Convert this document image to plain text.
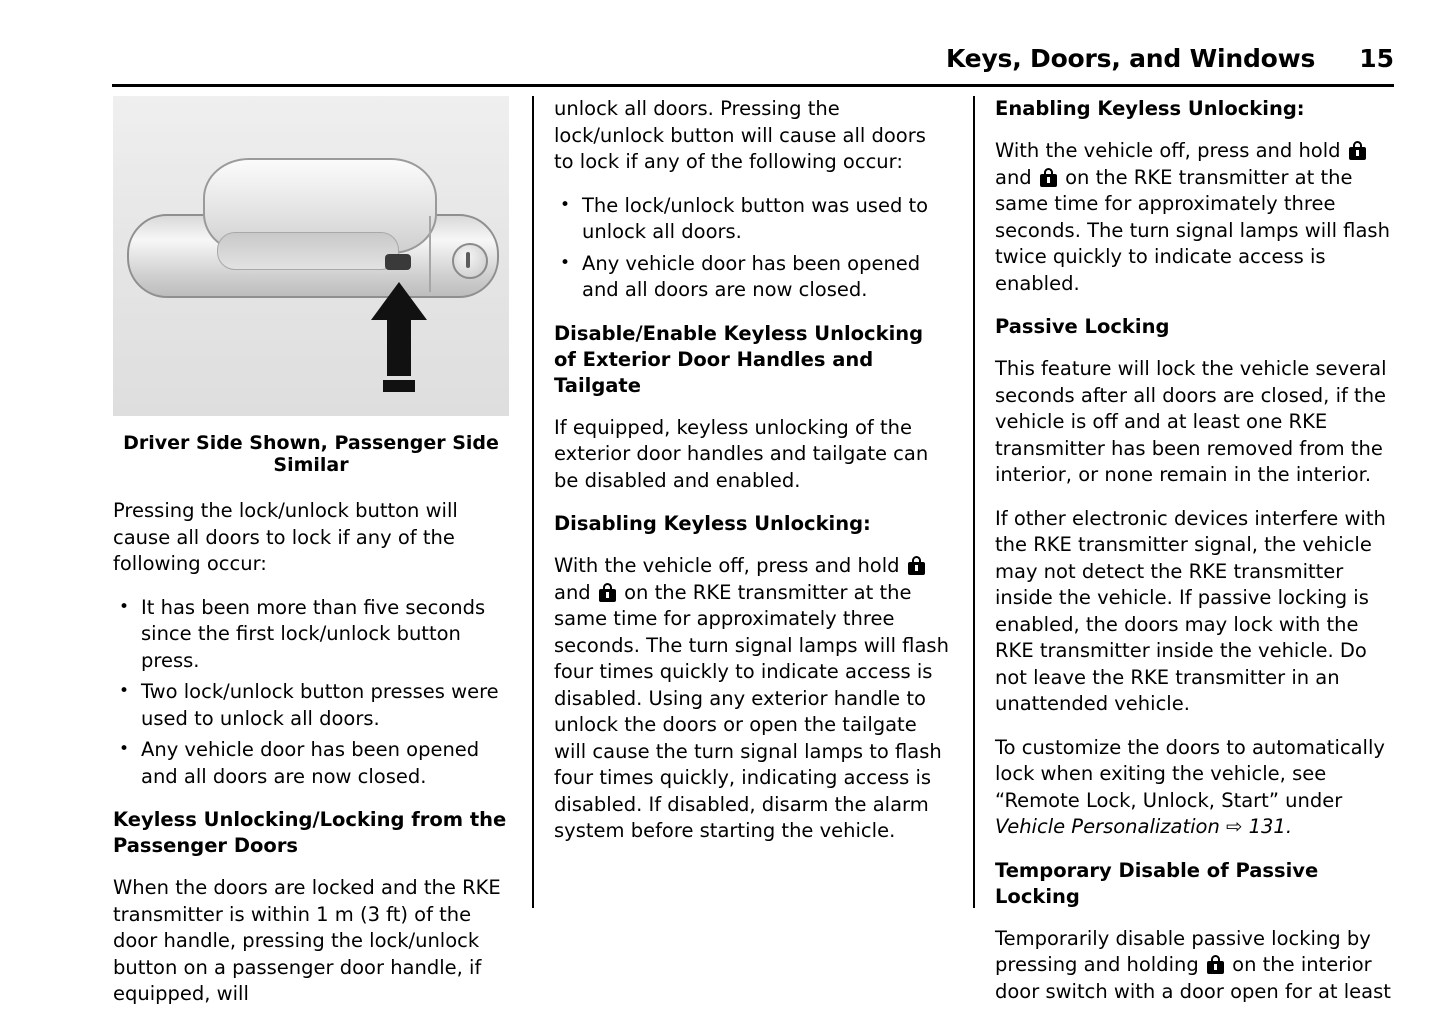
Keys, Doors, and Windows 15
Driver Side Shown, Passenger Side Similar

Pressing the lock/unlock button will cause all doors to lock if any of the following occur:

• It has been more than five seconds since the first lock/unlock button press.
• Two lock/unlock button presses were used to unlock all doors.
• Any vehicle door has been opened and all doors are now closed.
Keyless Unlocking/Locking from the Passenger Doors

When the doors are locked and the RKE transmitter is within 1 m (3 ft) of the door handle, pressing the lock/unlock button on a passenger door handle, if equipped, will

unlock all doors. Pressing the lock/unlock button will cause all doors to lock if any of the following occur:

• The lock/unlock button was used to unlock all doors.
• Any vehicle door has been opened and all doors are now closed.
Disable/Enable Keyless Unlocking of Exterior Door Handles and Tailgate

If equipped, keyless unlocking of the exterior door handles and tailgate can be disabled and enabled.

Disabling Keyless Unlocking:

With the vehicle off, press and hold
and on the RKE transmitter at the same time for approximately three seconds. The turn signal lamps will flash four times quickly to indicate access is disabled. Using any exterior handle to unlock the doors or open the tailgate will cause the turn signal lamps to flash four times quickly, indicating access is disabled. If disabled, disarm the alarm system before starting the vehicle.

Enabling Keyless Unlocking:

With the vehicle off, press and hold
and on the RKE transmitter at the same time for approximately three seconds. The turn signal lamps will flash twice quickly to indicate access is enabled.

Passive Locking

This feature will lock the vehicle several seconds after all doors are closed, if the vehicle is off and at least one RKE transmitter has been removed from the interior, or none remain in the interior.

If other electronic devices interfere with the RKE transmitter signal, the vehicle may not detect the RKE transmitter inside the vehicle. If passive locking is enabled, the doors may lock with the RKE transmitter inside the vehicle. Do not leave the RKE transmitter in an unattended vehicle.

To customize the doors to automatically lock when exiting the vehicle, see “Remote Lock, Unlock, Start” under Vehicle Personalization ⇨ 131.

Temporary Disable of Passive Locking

Temporarily disable passive locking by pressing and holding on the interior door switch with a door open for at least
